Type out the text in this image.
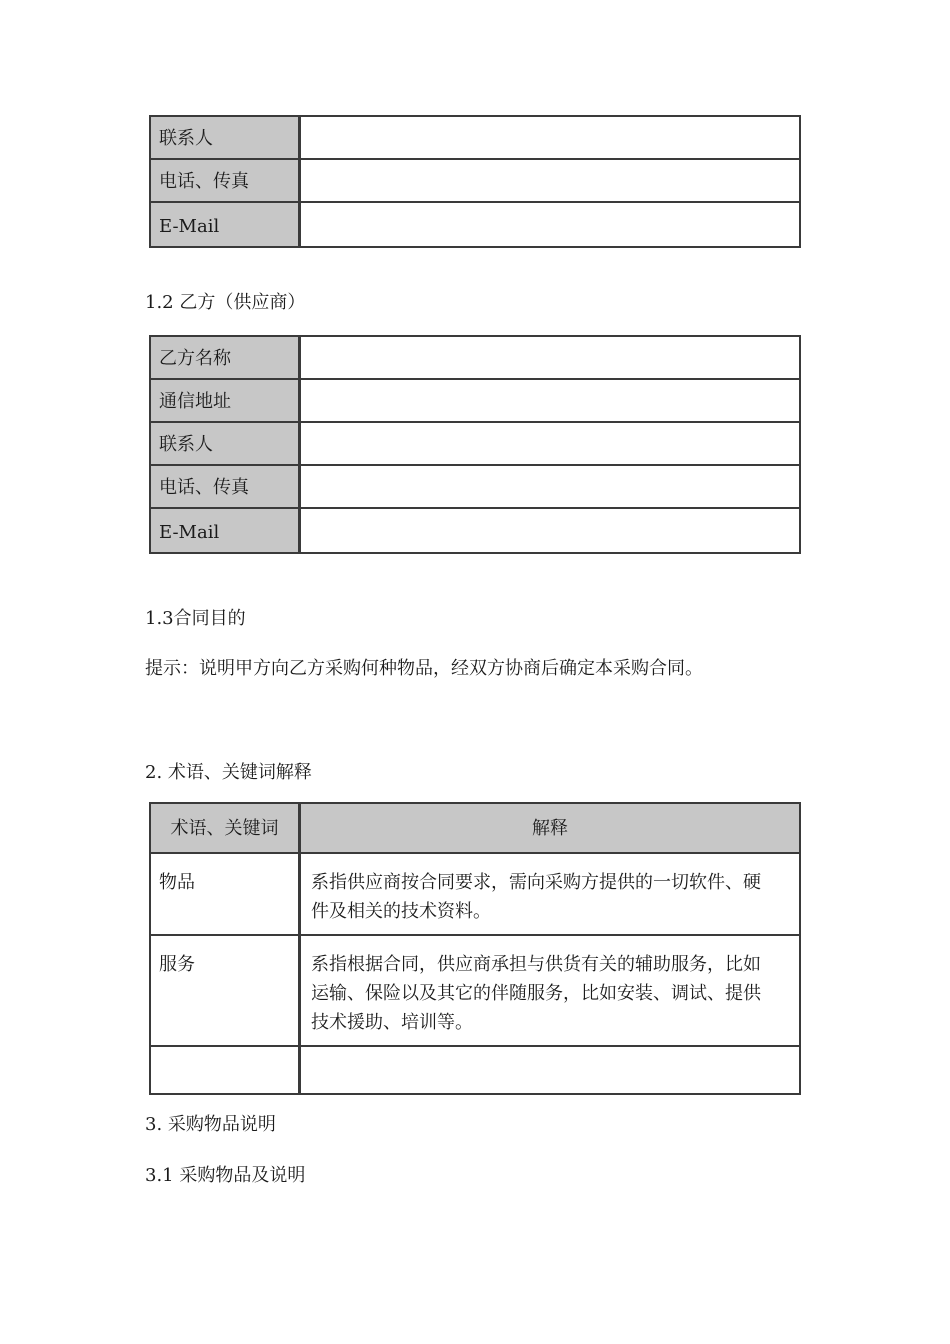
联系人	
电话、传真	
E-Mail	
1.2 乙方（供应商）
乙方名称	
通信地址	
联系人	
电话、传真	
E-Mail	
1.3合同目的
提示：说明甲方向乙方采购何种物品，经双方协商后确定本采购合同。
2. 术语、关键词解释
术语、关键词	解释
物品	系指供应商按合同要求，需向采购方提供的一切软件、硬
件及相关的技术资料。

服务	系指根据合同，供应商承担与供货有关的辅助服务，比如
运输、保险以及其它的伴随服务，比如安装、调试、提供
技术援助、培训等。

3. 采购物品说明
3.1 采购物品及说明
